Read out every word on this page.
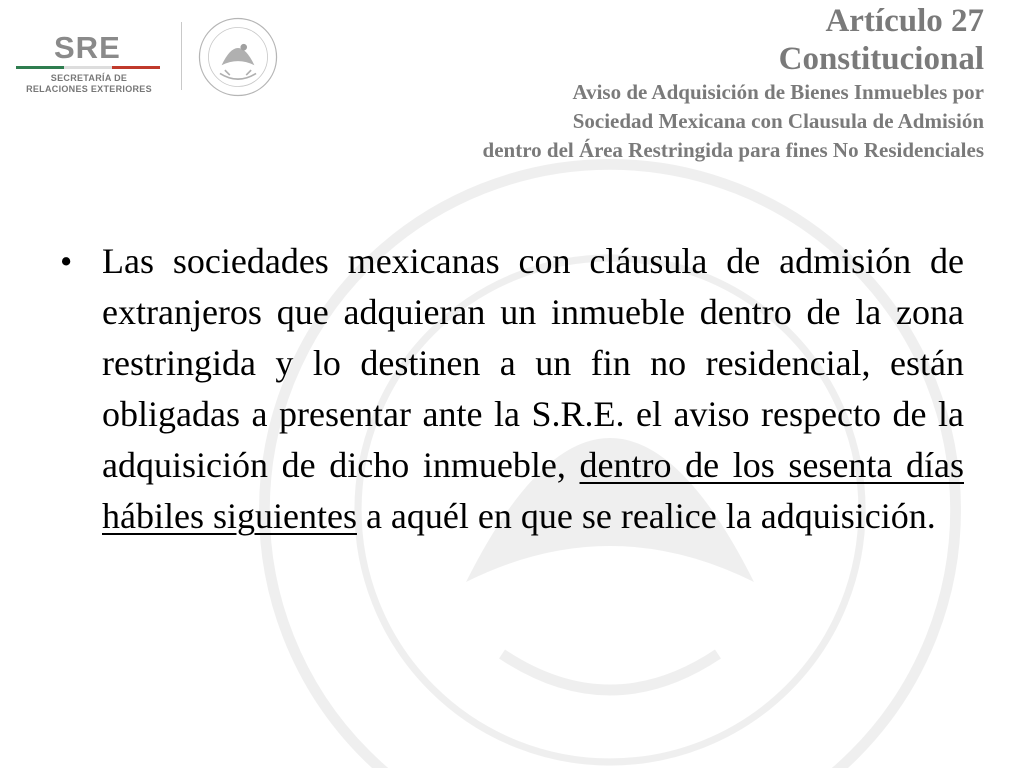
SRE
SECRETARÍA DE
RELACIONES EXTERIORES
Artículo 27
Constitucional
Aviso de Adquisición de Bienes Inmuebles por
Sociedad Mexicana con Clausula de Admisión
dentro del Área Restringida para fines No Residenciales
• Las sociedades mexicanas con cláusula de admisión de extranjeros que adquieran un inmueble dentro de la zona restringida y lo destinen a un fin no residencial, están obligadas a presentar ante la S.R.E. el aviso respecto de la adquisición de dicho inmueble, dentro de los sesenta días hábiles siguientes a aquél en que se realice la adquisición.
